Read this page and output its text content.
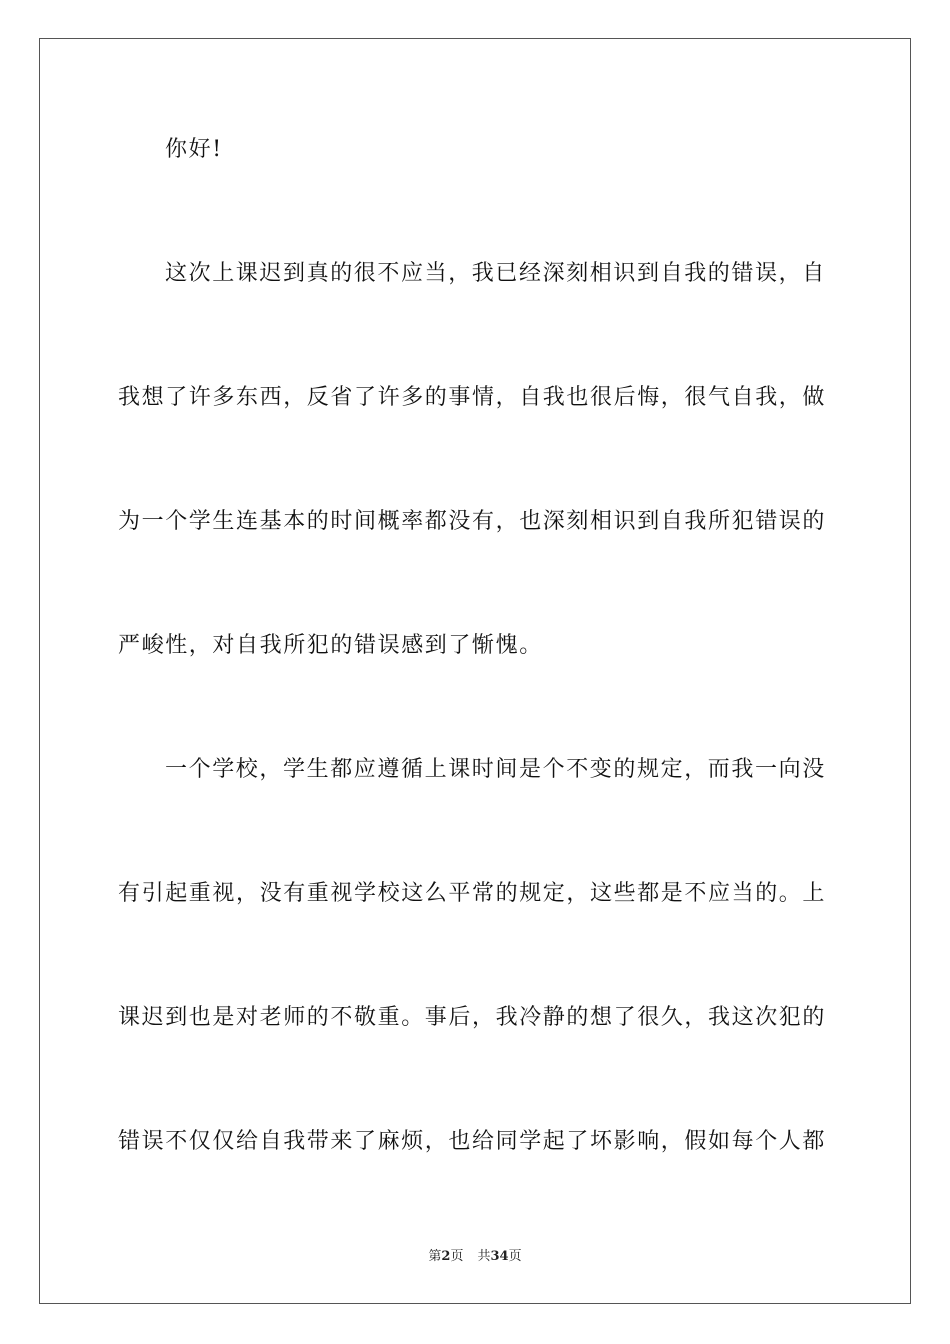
你好!
这次上课迟到真的很不应当，我已经深刻相识到自我的错误，自
我想了许多东西，反省了许多的事情，自我也很后悔，很气自我，做
为一个学生连基本的时间概率都没有，也深刻相识到自我所犯错误的
严峻性，对自我所犯的错误感到了惭愧。
一个学校，学生都应遵循上课时间是个不变的规定，而我一向没
有引起重视，没有重视学校这么平常的规定，这些都是不应当的。上
课迟到也是对老师的不敬重。事后，我冷静的想了很久，我这次犯的
错误不仅仅给自我带来了麻烦，也给同学起了坏影响，假如每个人都
第2页 共34页
